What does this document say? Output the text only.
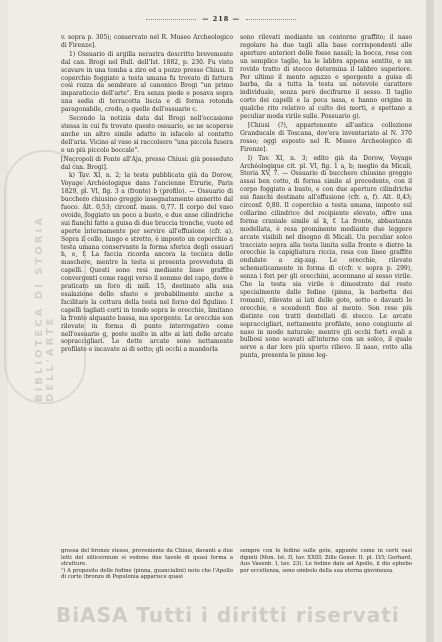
— 218 —

v. sopra p. 305); conservato nel R. Museo Archeologico di Firenze].

1) Ossuario di argilla nerastra descritto brevemente dal can. Brogi nel Bull. dell'Ist. 1882, p. 230. Fu visto scavare in una tomba a ziro ed a pozzo presso Chiusi. Il coperchio foggiato a testa umana fu trovato di fattura così rozza da sembrare al canonico Brogi "un primo imparaticcio dell'arte". Era senza piede e posava sopra una sedia di terracotta liscia e di forma rotonda paragonabile, credo, a quelle dell'ossuario c.

Secondo la notizia data dal Brogi nell'occasione stessa in cui fu trovato questo ossuario, se ne scoperse anche un altro simile adatto in isfacelo al contatto dell'aria. Vicino al vaso si raccolsero "una piccola fusera e un più piccolo boccale".

[Necropoli di Fonte all'Aja, presso Chiusi: già posseduto dal can. Brogi].

k) Tav. XI, n. 2; la testa pubblicata già da Dorow, Voyage Archéologique dans l'ancienne Étrurie, Paris 1829, pl. VI, fig. 3 a (fronte) b (profilo). — Ossuario di bucchero chiusino greggio insegnatamente annerito dal fuoco. Alt. 0,53; circonf. mass. 0,77. Il corpo del vaso ovoide, foggiato un poco a busto, e due anse cilindriche sui fianchi fatte a guisa di due braccia tronche, vuote ed aperte internamente per servire all'effusione (cfr. a). Sopra il collo, lungo e stretto, è imposto un coperchio a testa umana conservante la forma sferica degli ossuari h, e, f. La faccia ricorda ancora la tecnica delle maschere, mentre la testa si presenta provveduta di capelli. Questi sono resi mediante linee graffite convergenti come raggi verso il sommo del capo, dove è praticato un foro di mill. 15, destinato alla sua esalazione dello sfasto e probabilmente anche a facilitare la cottura della testa nel forno del figulino. I capelli tagliati corti in tondo sopra le orecchie, limitano la fronte alquanto bassa, ma sporgente. Le orecchie son rilevate in forma di punto interrogativo come nell'ossuario g, poste molto in alto ai lati delle arcate sopraccigliari. Le dette arcate sono nettamente profilate e incavate ai di sotto; gli occhi a mandorla

sono rilevati mediante un contorno graffito; il naso regolare ha due tagli alla base corrispondenti alle aperture anteriori delle fosse nasali; la bocca, resa con un semplice taglio, ha le labbra appena sentite, e un rovido tratto di stecco determina il labbro superiore. Per ultimo il mento aguzzo e sporgente a guisa di barba, da a tutta la testa un notevole carattere individuale, senza però decifrarne il sesso. Il taglio corto dei capelli e la poca nasa, e hanno origine in qualche rito relativo al culto dei morti, e spettano a peculiar moda virile sulle. Possuario g).

[Chiusi (?), appartenente all'antica collezione Granducale di Toscana, dov'era inventariato al N. 370 rosso; oggi esposto nel R. Museo Archeologico di Firenze].

l) Tav. XI, n. 3; edito già da Dorow, Voyage Archéologique cit. pl. VI, fig. 1 a, b; meglio da Micali, Storia XV, 7. — Ossuario di bucchero chiusino greggio assai ben cotto, di forma simile al precedente, con il corpo foggiato a busto, e con due aperture cilindriche sui fianchi destinate all'effusione (cfr. a, f). Alt. 0,43; circonf. 0,80. Il coperchio a testa umana, imposto sul collarino cilindrico del recipiente elevato, offre una forma craniale simile al k, f. La fronte, abbastanza modellata, è resa prominente mediante due leggere arcate visibili nel disegno di Micali. Un peculiar solco tracciato sopra alla testa limita sulla fronte e dietro la orecchie la capigliatura riccia, resa con linee graffite ondulate a zig-zag. Le orecchie, rilevate schematicamente in forma di c(cfr. v. sopra p. 299), senza i fori per gli orecchini, accennano al sesso virile. Che la testa sia virile è dimostrato dal resto specialmente dalle fedine (pinna, la barbetta dei romani), rilevate ai lati delle gote, sotto e davanti le orecchie, e scendenti fino al mento. Son rese più distinte con tratti dentellati di stecco. Le arcate sopraccigliari, nettamente profilate, sono congiunte al naso in modo naturale; mentre gli occhi forti ovali a bulbosi sono scavati all'interno con un solco, il quale serve a dar loro più sporto rilievo. Il naso, rotto alla punta, presenta le pinne leg-

grossa del bronzo stesso, proveniente da Chiusi, davanti a due letti del sillicernium si vedono due tavole di quasi forma a strutture.

¹) A proposito delle fedine (pinna, guancialini) noto che l'Apollo di corte (bronzo di Populonia apparisce quasi

sempre con le fedine sulle gote, appunto come in certi vasi dipinti (Mon. Ist. II, tav. XXIII; Zille Gener. II. pl. LVI; Gerhard, Aus Vasenb. I, tav. 23). Le fedine date ad Apollo, il dio ephebo per eccellenza, sono simbolo della sua eterna giovinezza.

BIBLIOTECA DI STORIA DELL'ARTE
BiASA Tutti i diritti riservati
